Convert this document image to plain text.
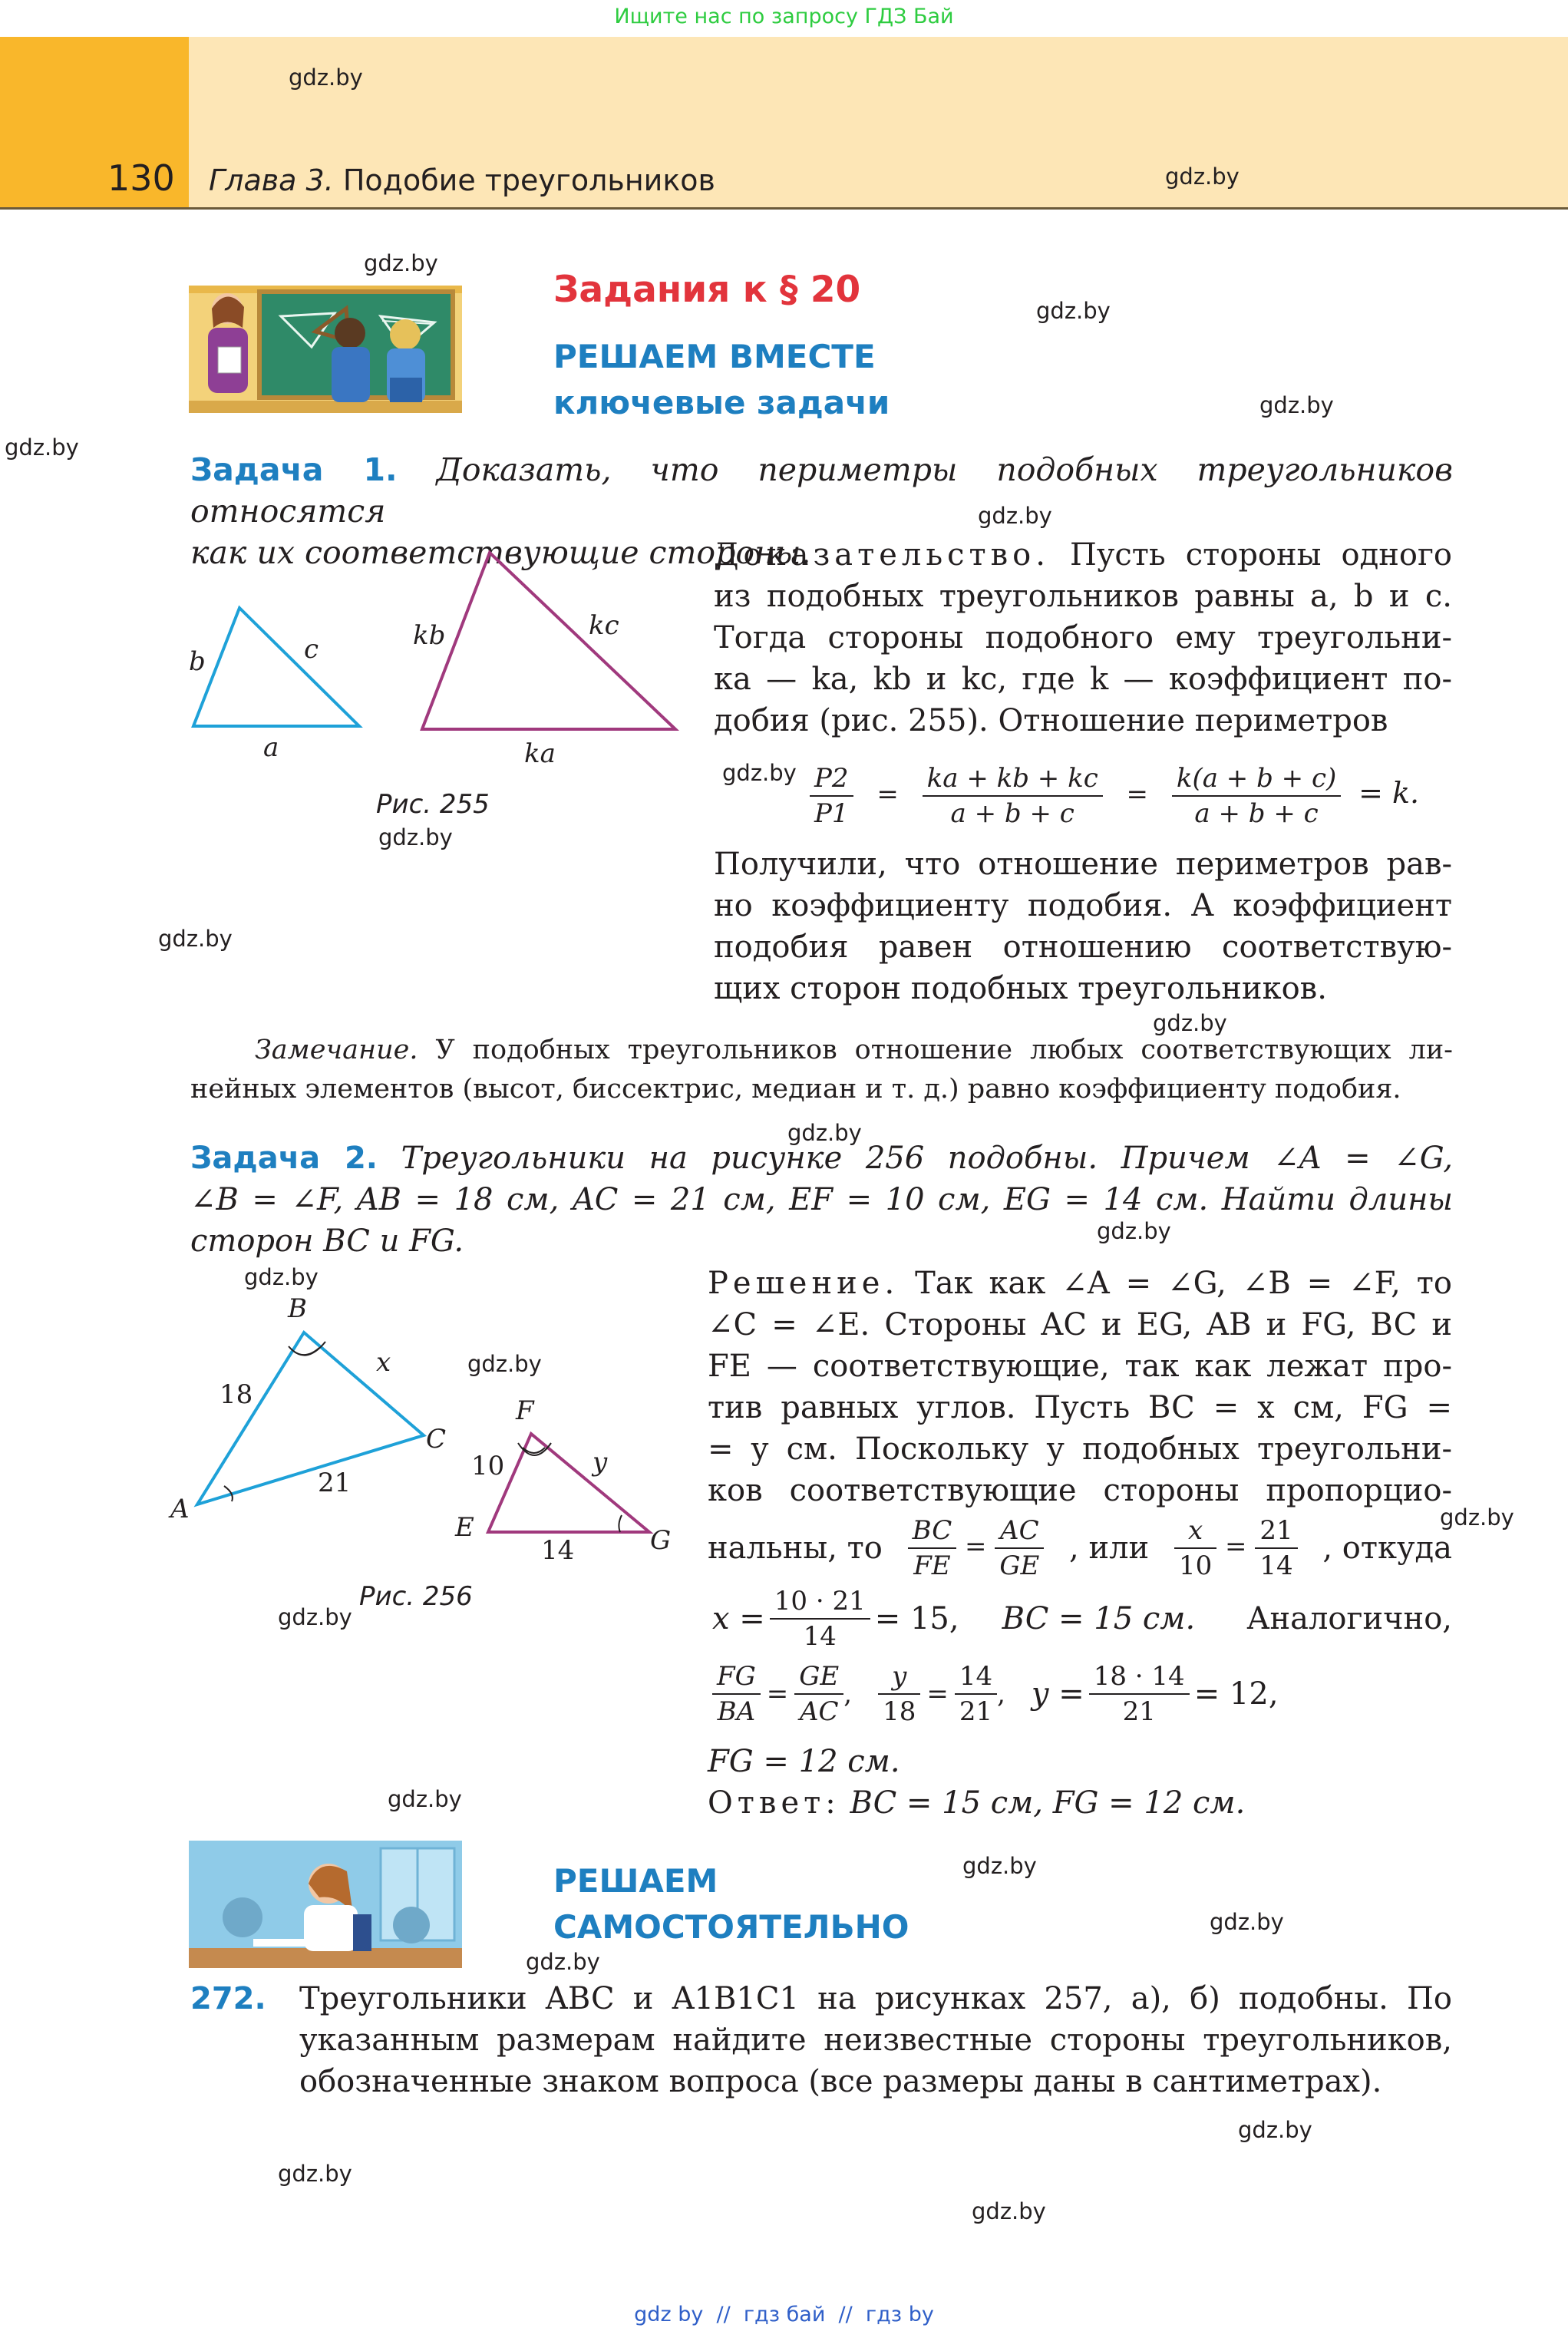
Ищите нас по запросу ГДЗ Бай
130 Глава 3. Подобие треугольников
gdz.by
gdz.by
gdz.by
gdz.by
gdz.by
gdz.by
gdz.by
gdz.by
gdz.by
gdz.by
gdz.by
gdz.by
gdz.by
gdz.by
gdz.by
gdz.by
gdz.by
gdz.by
gdz.by
gdz.by
gdz.by
gdz.by
gdz.by
gdz.by
Задания к § 20
РЕШАЕМ ВМЕСТЕ
ключевые задачи
Задача 1. Доказать, что периметры подобных треугольников относятся
как их соответствующие стороны.
b	c
a
kb	kc
ka
Рис. 255
Доказательство. Пусть стороны одного
из подобных треугольников равны a, b и c.
Тогда стороны подобного ему треугольни-
ка — ka, kb и kc, где k — коэффициент по-
добия (рис. 255). Отношение периметров
$\frac{P2}{P1} = \frac{ka + kb + kc}{a + b + c} = \frac{k(a + b + c)}{a + b + c} = k$.
Получили, что отношение периметров рав-
но коэффициенту подобия. А коэффициент
подобия равен отношению соответствую-
щих сторон подобных треугольников.
Замечание. У подобных треугольников отношение любых соответствующих ли-
нейных элементов (высот, биссектрис, медиан и т. д.) равно коэффициенту подобия.
Задача 2. Треугольники на рисунке 256 подобны. Причем ∠A = ∠G,
∠B = ∠F, AB = 18 см, AC = 21 см, EF = 10 см, EG = 14 см. Найти длины
сторон BC и FG.
B
x
18
C
21
A
F
y
10
E	G
14
Рис. 256
Решение. Так как ∠A = ∠G, ∠B = ∠F, то
∠C = ∠E. Стороны AC и EG, AB и FG, BC и
FE — соответствующие, так как лежат про-
тив равных углов. Пусть BC = x см, FG =
= y см. Поскольку у подобных треугольни-
ков соответствующие стороны пропорцио-
нальны, то $\frac{BC}{FE} = \frac{AC}{GE}$ , или $\frac{x}{10} = \frac{21}{14}$ , откуда
$x = \frac{10 \cdot 21}{14} = 15$, BC = 15 см. Аналогично,
$\frac{FG}{BA} = \frac{GE}{AC}$ , $\frac{y}{18} = \frac{14}{21}$ , $y = \frac{18 \cdot 14}{21} = 12$,
FG = 12 см.
Ответ: BC = 15 см, FG = 12 см.
РЕШАЕМ
САМОСТОЯТЕЛЬНО
272. Треугольники ABC и A1B1C1 на рисунках 257, а), б) подобны. По
указанным размерам найдите неизвестные стороны треугольников,
обозначенные знаком вопроса (все размеры даны в сантиметрах).
gdz by  //  гдз бай  //  гдз by
